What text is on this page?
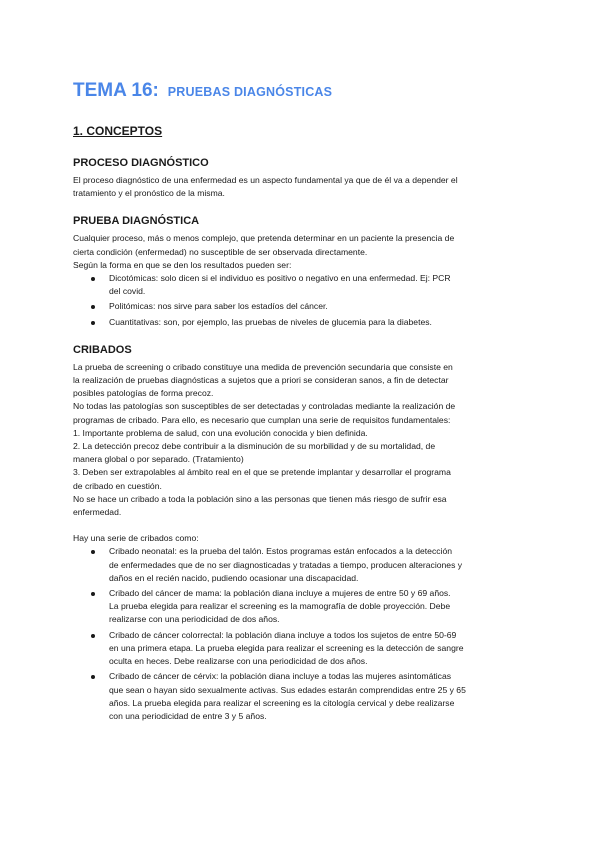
TEMA 16: PRUEBAS DIAGNÓSTICAS
1. CONCEPTOS
PROCESO DIAGNÓSTICO

El proceso diagnóstico de una enfermedad es un aspecto fundamental ya que de él va a depender el

tratamiento y el pronóstico de la misma.

PRUEBA DIAGNÓSTICA

Cualquier proceso, más o menos complejo, que pretenda determinar en un paciente la presencia de

cierta condición (enfermedad) no susceptible de ser observada directamente.

Según la forma en que se den los resultados pueden ser:

Dicotómicas: solo dicen si el individuo es positivo o negativo en una enfermedad. Ej: PCR
del covid.
Politómicas: nos sirve para saber los estadíos del cáncer.
Cuantitativas: son, por ejemplo, las pruebas de niveles de glucemia para la diabetes.
CRIBADOS

La prueba de screening o cribado constituye una medida de prevención secundaria que consiste en

la realización de pruebas diagnósticas a sujetos que a priori se consideran sanos, a fin de detectar

posibles patologías de forma precoz.

No todas las patologías son susceptibles de ser detectadas y controladas mediante la realización de

programas de cribado. Para ello, es necesario que cumplan una serie de requisitos fundamentales:

1. Importante problema de salud, con una evolución conocida y bien definida.

2. La detección precoz debe contribuir a la disminución de su morbilidad y de su mortalidad, de

manera global o por separado. (Tratamiento)

3. Deben ser extrapolables al ámbito real en el que se pretende implantar y desarrollar el programa

de cribado en cuestión.

No se hace un cribado a toda la población sino a las personas que tienen más riesgo de sufrir esa

enfermedad.

Hay una serie de cribados como:

Cribado neonatal: es la prueba del talón. Estos programas están enfocados a la detección
de enfermedades que de no ser diagnosticadas y tratadas a tiempo, producen alteraciones y
daños en el recién nacido, pudiendo ocasionar una discapacidad.
Cribado del cáncer de mama: la población diana incluye a mujeres de entre 50 y 69 años.
La prueba elegida para realizar el screening es la mamografía de doble proyección. Debe
realizarse con una periodicidad de dos años.
Cribado de cáncer colorrectal: la población diana incluye a todos los sujetos de entre 50-69
en una primera etapa. La prueba elegida para realizar el screening es la detección de sangre
oculta en heces. Debe realizarse con una periodicidad de dos años.
Cribado de cáncer de cérvix: la población diana incluye a todas las mujeres asintomáticas
que sean o hayan sido sexualmente activas. Sus edades estarán comprendidas entre 25 y 65
años. La prueba elegida para realizar el screening es la citología cervical y debe realizarse
con una periodicidad de entre 3 y 5 años.
